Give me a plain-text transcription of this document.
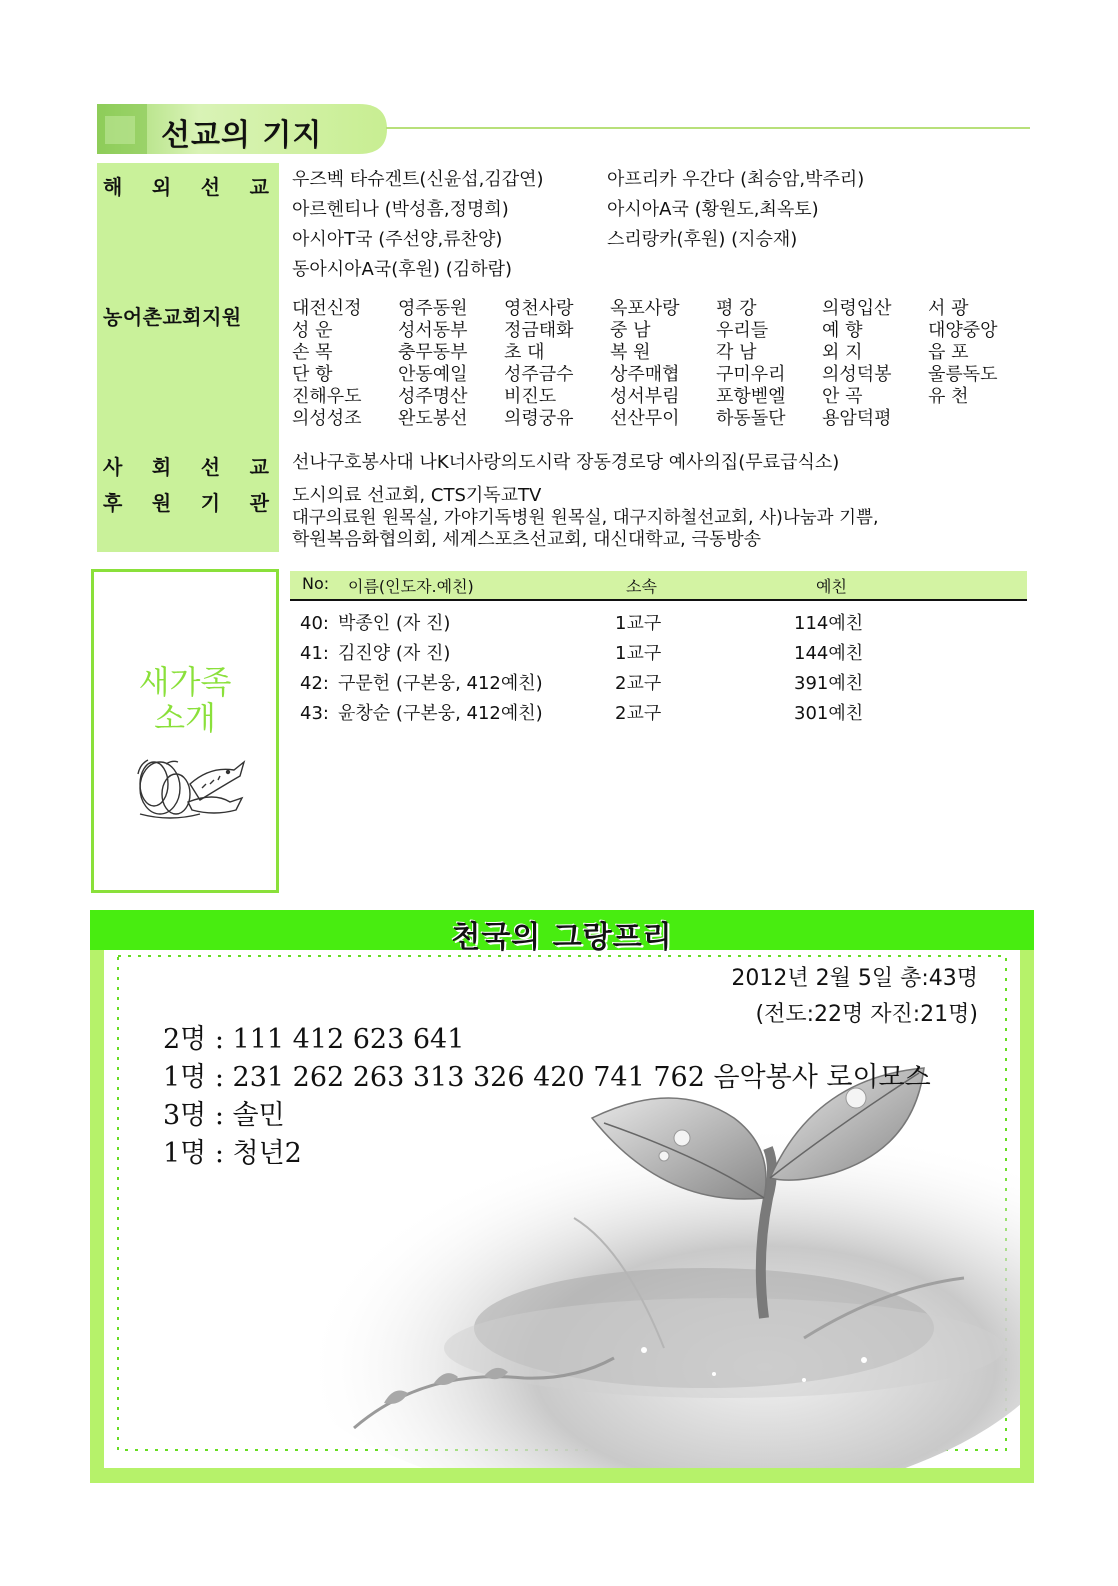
선교의 기지
해 외 선 교
농어촌교회지원
사 회 선 교
후 원 기 관
우즈벡 타슈겐트(신윤섭,김갑연)	아프리카 우간다 (최승암,박주리)
아르헨티나 (박성흠,정명희)	아시아A국 (황원도,최옥토)
아시아T국 (주선양,류찬양)	스리랑카(후원) (지승재)
동아시아A국(후원) (김하람)
대전신정	영주동원	영천사랑	옥포사랑	평 강	의령입산	서 광
성 운	성서동부	정금태화	중 남	우리들	예 향	대양중앙
손 목	충무동부	초 대	복 원	각 남	외 지	읍 포
단 항	안동예일	성주금수	상주매협	구미우리	의성덕봉	울릉독도
진해우도	성주명산	비진도	성서부림	포항벧엘	안 곡	유 천
의성성조	완도봉선	의령궁유	선산무이	하동돌단	용암덕평
선나구호봉사대 나K너사랑의도시락 장동경로당 예사의집(무료급식소)
도시의료 선교회, CTS기독교TV
대구의료원 원목실, 가야기독병원 원목실, 대구지하철선교회, 사)나눔과 기쁨,
학원복음화협의회, 세계스포츠선교회, 대신대학교, 극동방송
새가족
소개
No: 이름(인도자.예친)	소속	예친
40: 박종인 (자 진)	1교구	114예친
41: 김진양 (자 진)	1교구	144예친
42: 구문헌 (구본웅, 412예친)	2교구	391예친
43: 윤창순 (구본웅, 412예친)	2교구	301예친
천국의 그랑프리
2012년 2월 5일 총:43명
(전도:22명 자진:21명)
2명 : 111 412 623 641
1명 : 231 262 263 313 326 420 741 762 음악봉사 로이모스
3명 : 솔민
1명 : 청년2
